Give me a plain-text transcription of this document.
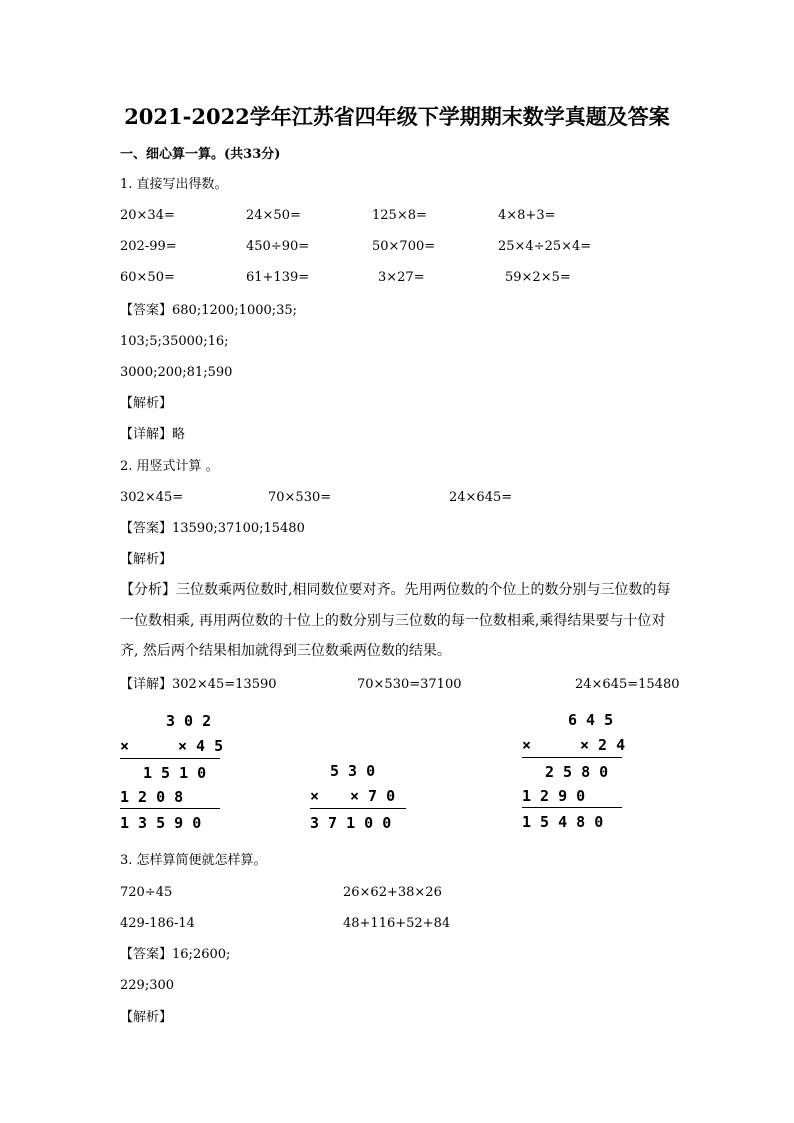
2021-2022学年江苏省四年级下学期期末数学真题及答案
一、细心算一算。(共33分)
1. 直接写出得数。
20×34=	24×50=	125×8=	4×8+3=
202-99=	450÷90=	50×700=	25×4÷25×4=
60×50=	61+139=	3×27=	59×2×5=
【答案】680;1200;1000;35;
103;5;35000;16;
3000;200;81;590
【解析】
【详解】略
2. 用竖式计算 。
302×45=	70×530=	24×645=
【答案】13590;37100;15480
【解析】
【分析】三位数乘两位数时,相同数位要对齐。先用两位数的个位上的数分别与三位数的每一位数相乘, 再用两位数的十位上的数分别与三位数的每一位数相乘,乘得结果要与十位对齐, 然后两个结果相加就得到三位数乘两位数的结果。
【详解】302×45=13590	70×530=37100	24×645=15480
3 0 2
×	× 4 5
1 5 1 0
1 2 0 8
1 3 5 9 0
5 3 0
× × 7 0
3 7 1 0 0
6 4 5
×	× 2 4
2 5 8 0
1 2 9 0
1 5 4 8 0
3. 怎样算简便就怎样算。
720÷45	26×62+38×26
429-186-14	48+116+52+84
【答案】16;2600;
229;300
【解析】
